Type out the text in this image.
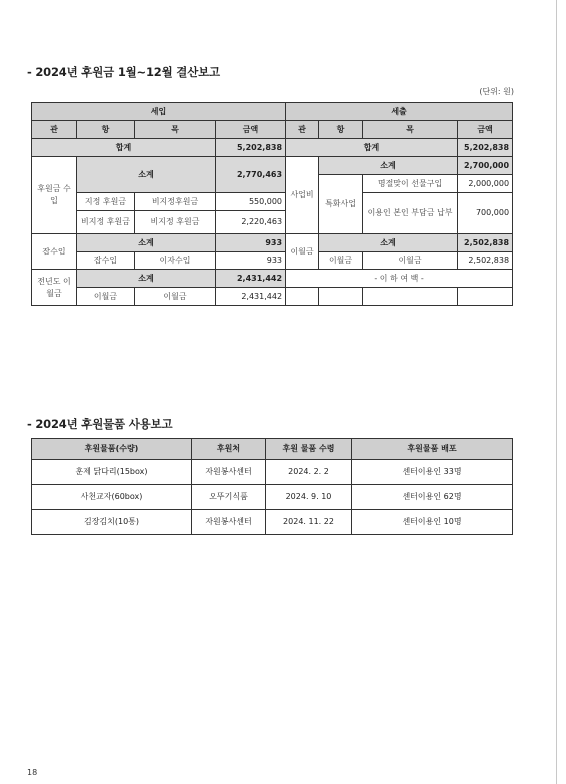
- 2024년 후원금 1월~12월 결산보고
(단위: 원)
세입				세출			
관	항	목	금액	관	항	목	금액
합계			5,202,838	합계			5,202,838
후원금 수입	소계		2,770,463	사업비	소계		2,700,000
					특화사업	명절맞이 선물구입	2,000,000
	지정 후원금	비지정후원금	550,000			이용인 본인 부담금 납부	700,000
	비지정 후원금	비지정 후원금	2,220,463				
잡수입	소계		933	이월금	소계		2,502,838
	잡수입	이자수입	933		이월금	이월금	2,502,838
전년도 이월금	소계		2,431,442	- 이 하 여 백 -			
	이월금	이월금	2,431,442				
- 2024년 후원물품 사용보고
후원물품(수량)	후원처	후원 물품 수령	후원물품 배포
훈제 닭다리(15box)	자원봉사센터	2024. 2. 2	센터이용인 33명
사천교자(60box)	오뚜기식품	2024. 9. 10	센터이용인 62명
김장김치(10통)	자원봉사센터	2024. 11. 22	센터이용인 10명
18
